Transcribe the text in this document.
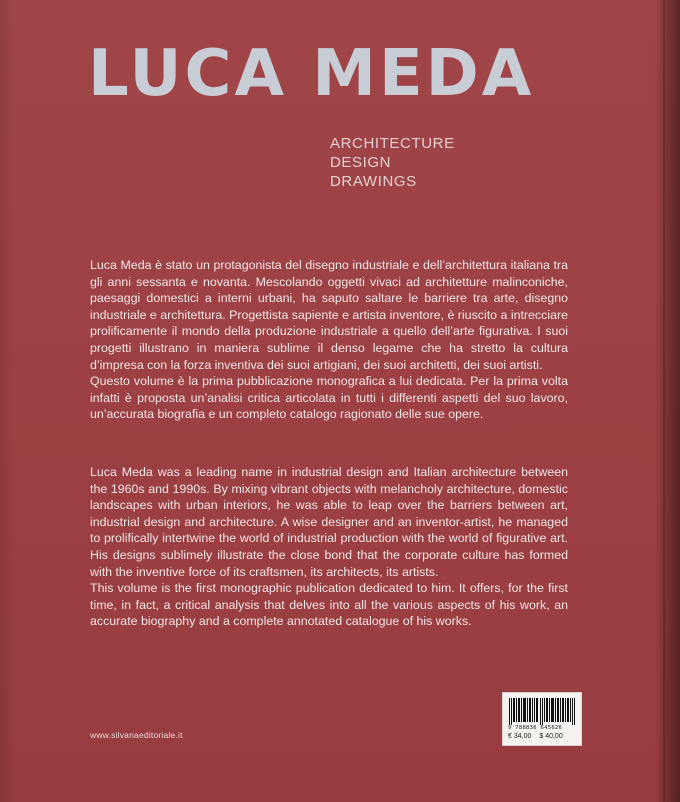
LUCA MEDA
ARCHITECTURE
DESIGN
DRAWINGS

Luca Meda è stato un protagonista del disegno industriale e dell’architettura italiana tra gli anni sessanta e novanta. Mescolando oggetti vivaci ad architetture malinconiche, paesaggi domestici a interni urbani, ha saputo saltare le barriere tra arte, disegno industriale e architettura. Progettista sapiente e artista inventore, è riuscito a intrecciare prolificamente il mondo della produzione industriale a quello dell’arte figurativa. I suoi progetti illustrano in maniera sublime il denso legame che ha stretto la cultura d’impresa con la forza inventiva dei suoi artigiani, dei suoi architetti, dei suoi artisti.

Questo volume è la prima pubblicazione monografica a lui dedicata. Per la prima volta infatti è proposta un’analisi critica articolata in tutti i differenti aspetti del suo lavoro, un’accurata biografia e un completo catalogo ragionato delle sue opere.

Luca Meda was a leading name in industrial design and Italian architecture between the 1960s and 1990s. By mixing vibrant objects with melancholy architecture, domestic landscapes with urban interiors, he was able to leap over the barriers between art, industrial design and architecture. A wise designer and an inventor-artist, he managed to prolifically intertwine the world of industrial production with the world of figurative art. His designs sublimely illustrate the close bond that the corporate culture has formed with the inventive force of its craftsmen, its architects, its artists.

This volume is the first monographic publication dedicated to him. It offers, for the first time, in fact, a critical analysis that delves into all the various aspects of his work, an accurate biography and a complete annotated catalogue of his works.

www.silvanaeditoriale.it
9 788836 645626
€ 34,00 $ 40,00
